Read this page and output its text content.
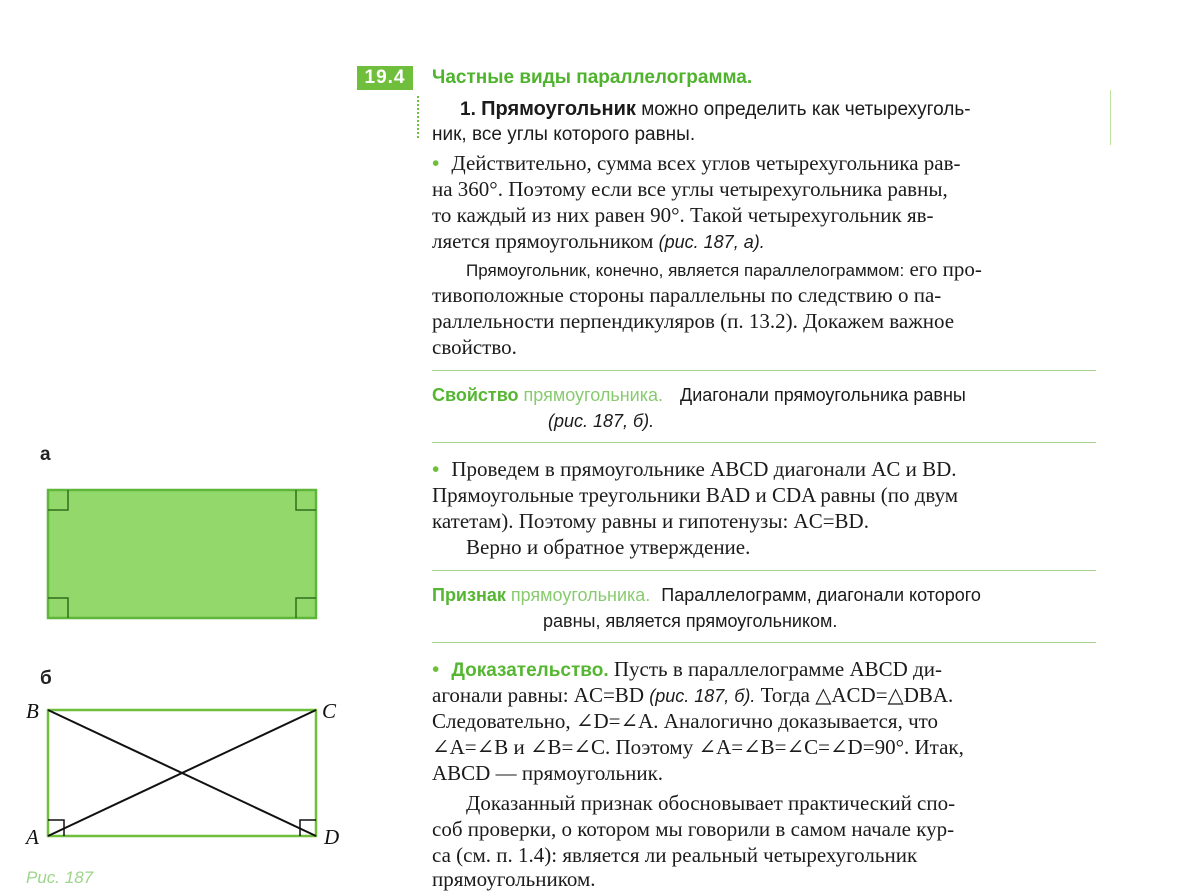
19.4	Частные виды параллелограмма.
1. Прямоугольник можно определить как четырехуголь-
ник, все углы которого равны.
• Действительно, сумма всех углов четырехугольника рав-
на 360°. Поэтому если все углы четырехугольника равны,
то каждый из них равен 90°. Такой четырехугольник яв-
ляется прямоугольником (рис. 187, а).
Прямоугольник, конечно, является параллелограммом: его про-
тивоположные стороны параллельны по следствию о па-
раллельности перпендикуляров (п. 13.2). Докажем важное
свойство.
Свойство прямоугольника. Диагонали прямоугольника равны
(рис. 187, б).
• Проведем в прямоугольнике ABCD диагонали AC и BD.
Прямоугольные треугольники BAD и CDA равны (по двум
катетам). Поэтому равны и гипотенузы: AC=BD.
Верно и обратное утверждение.
Признак прямоугольника. Параллелограмм, диагонали которого
равны, является прямоугольником.
• Доказательство. Пусть в параллелограмме ABCD ди-
агонали равны: AC=BD (рис. 187, б). Тогда △ACD=△DBA.
Следовательно, ∠D=∠A. Аналогично доказывается, что
∠A=∠B и ∠B=∠C. Поэтому ∠A=∠B=∠C=∠D=90°. Итак,
ABCD — прямоугольник.
Доказанный признак обосновывает практический спо-
соб проверки, о котором мы говорили в самом начале кур-
са (см. п. 1.4): является ли реальный четырехугольник
прямоугольником.
а
б
B	C
A	D
Рис. 187
